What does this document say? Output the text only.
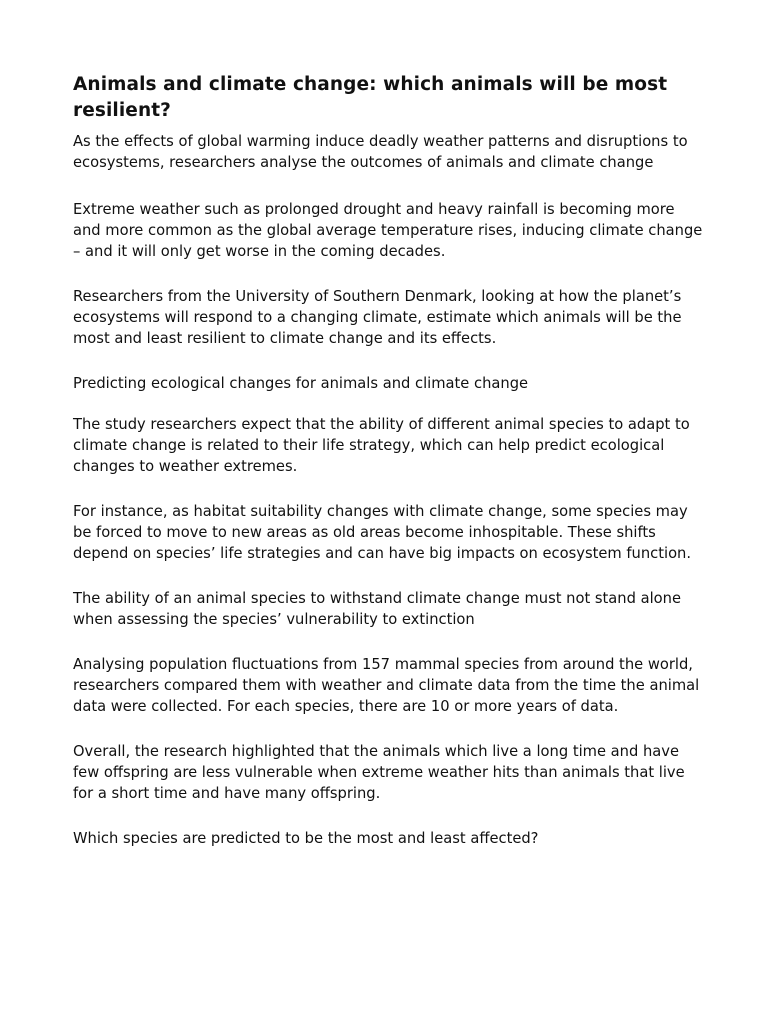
Animals and climate change: which animals will be most resilient?

As the effects of global warming induce deadly weather patterns and disruptions to ecosystems, researchers analyse the outcomes of animals and climate change

Extreme weather such as prolonged drought and heavy rainfall is becoming more and more common as the global average temperature rises, inducing climate change – and it will only get worse in the coming decades.

Researchers from the University of Southern Denmark, looking at how the planet’s ecosystems will respond to a changing climate, estimate which animals will be the most and least resilient to climate change and its effects.

Predicting ecological changes for animals and climate change

The study researchers expect that the ability of different animal species to adapt to climate change is related to their life strategy, which can help predict ecological changes to weather extremes.

For instance, as habitat suitability changes with climate change, some species may be forced to move to new areas as old areas become inhospitable. These shifts depend on species’ life strategies and can have big impacts on ecosystem function.

The ability of an animal species to withstand climate change must not stand alone when assessing the species’ vulnerability to extinction

Analysing population fluctuations from 157 mammal species from around the world, researchers compared them with weather and climate data from the time the animal data were collected. For each species, there are 10 or more years of data.

Overall, the research highlighted that the animals which live a long time and have few offspring are less vulnerable when extreme weather hits than animals that live for a short time and have many offspring.

Which species are predicted to be the most and least affected?
